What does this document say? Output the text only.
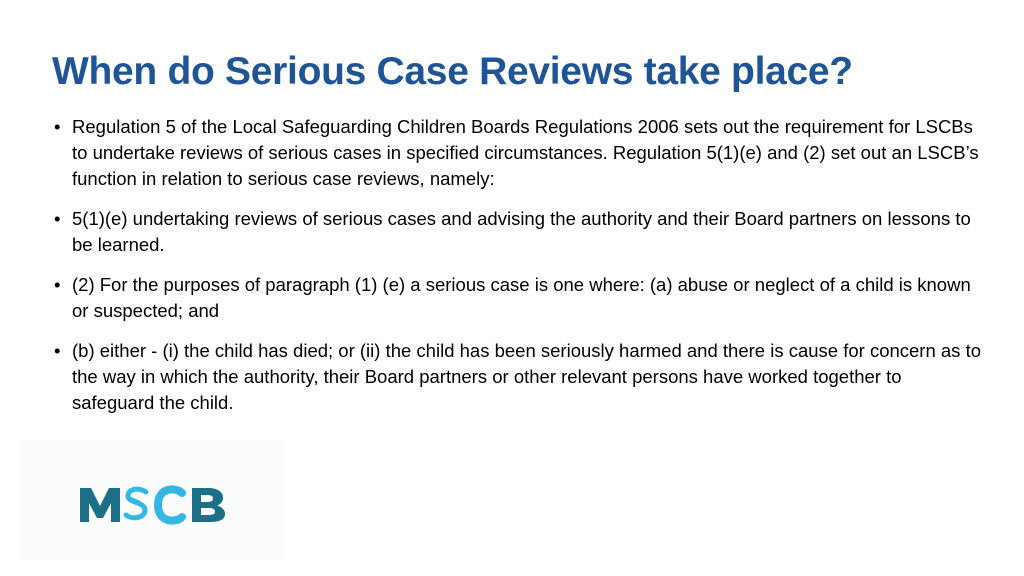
When do Serious Case Reviews take place?
• Regulation 5 of the Local Safeguarding Children Boards Regulations 2006 sets out the requirement for LSCBs to undertake reviews of serious cases in specified circumstances. Regulation 5(1)(e) and (2) set out an LSCB’s function in relation to serious case reviews, namely:
• 5(1)(e) undertaking reviews of serious cases and advising the authority and their Board partners on lessons to be learned.
• (2) For the purposes of paragraph (1) (e) a serious case is one where: (a) abuse or neglect of a child is known or suspected; and
• (b) either - (i) the child has died; or (ii) the child has been seriously harmed and there is cause for concern as to the way in which the authority, their Board partners or other relevant persons have worked together to safeguard the child.
